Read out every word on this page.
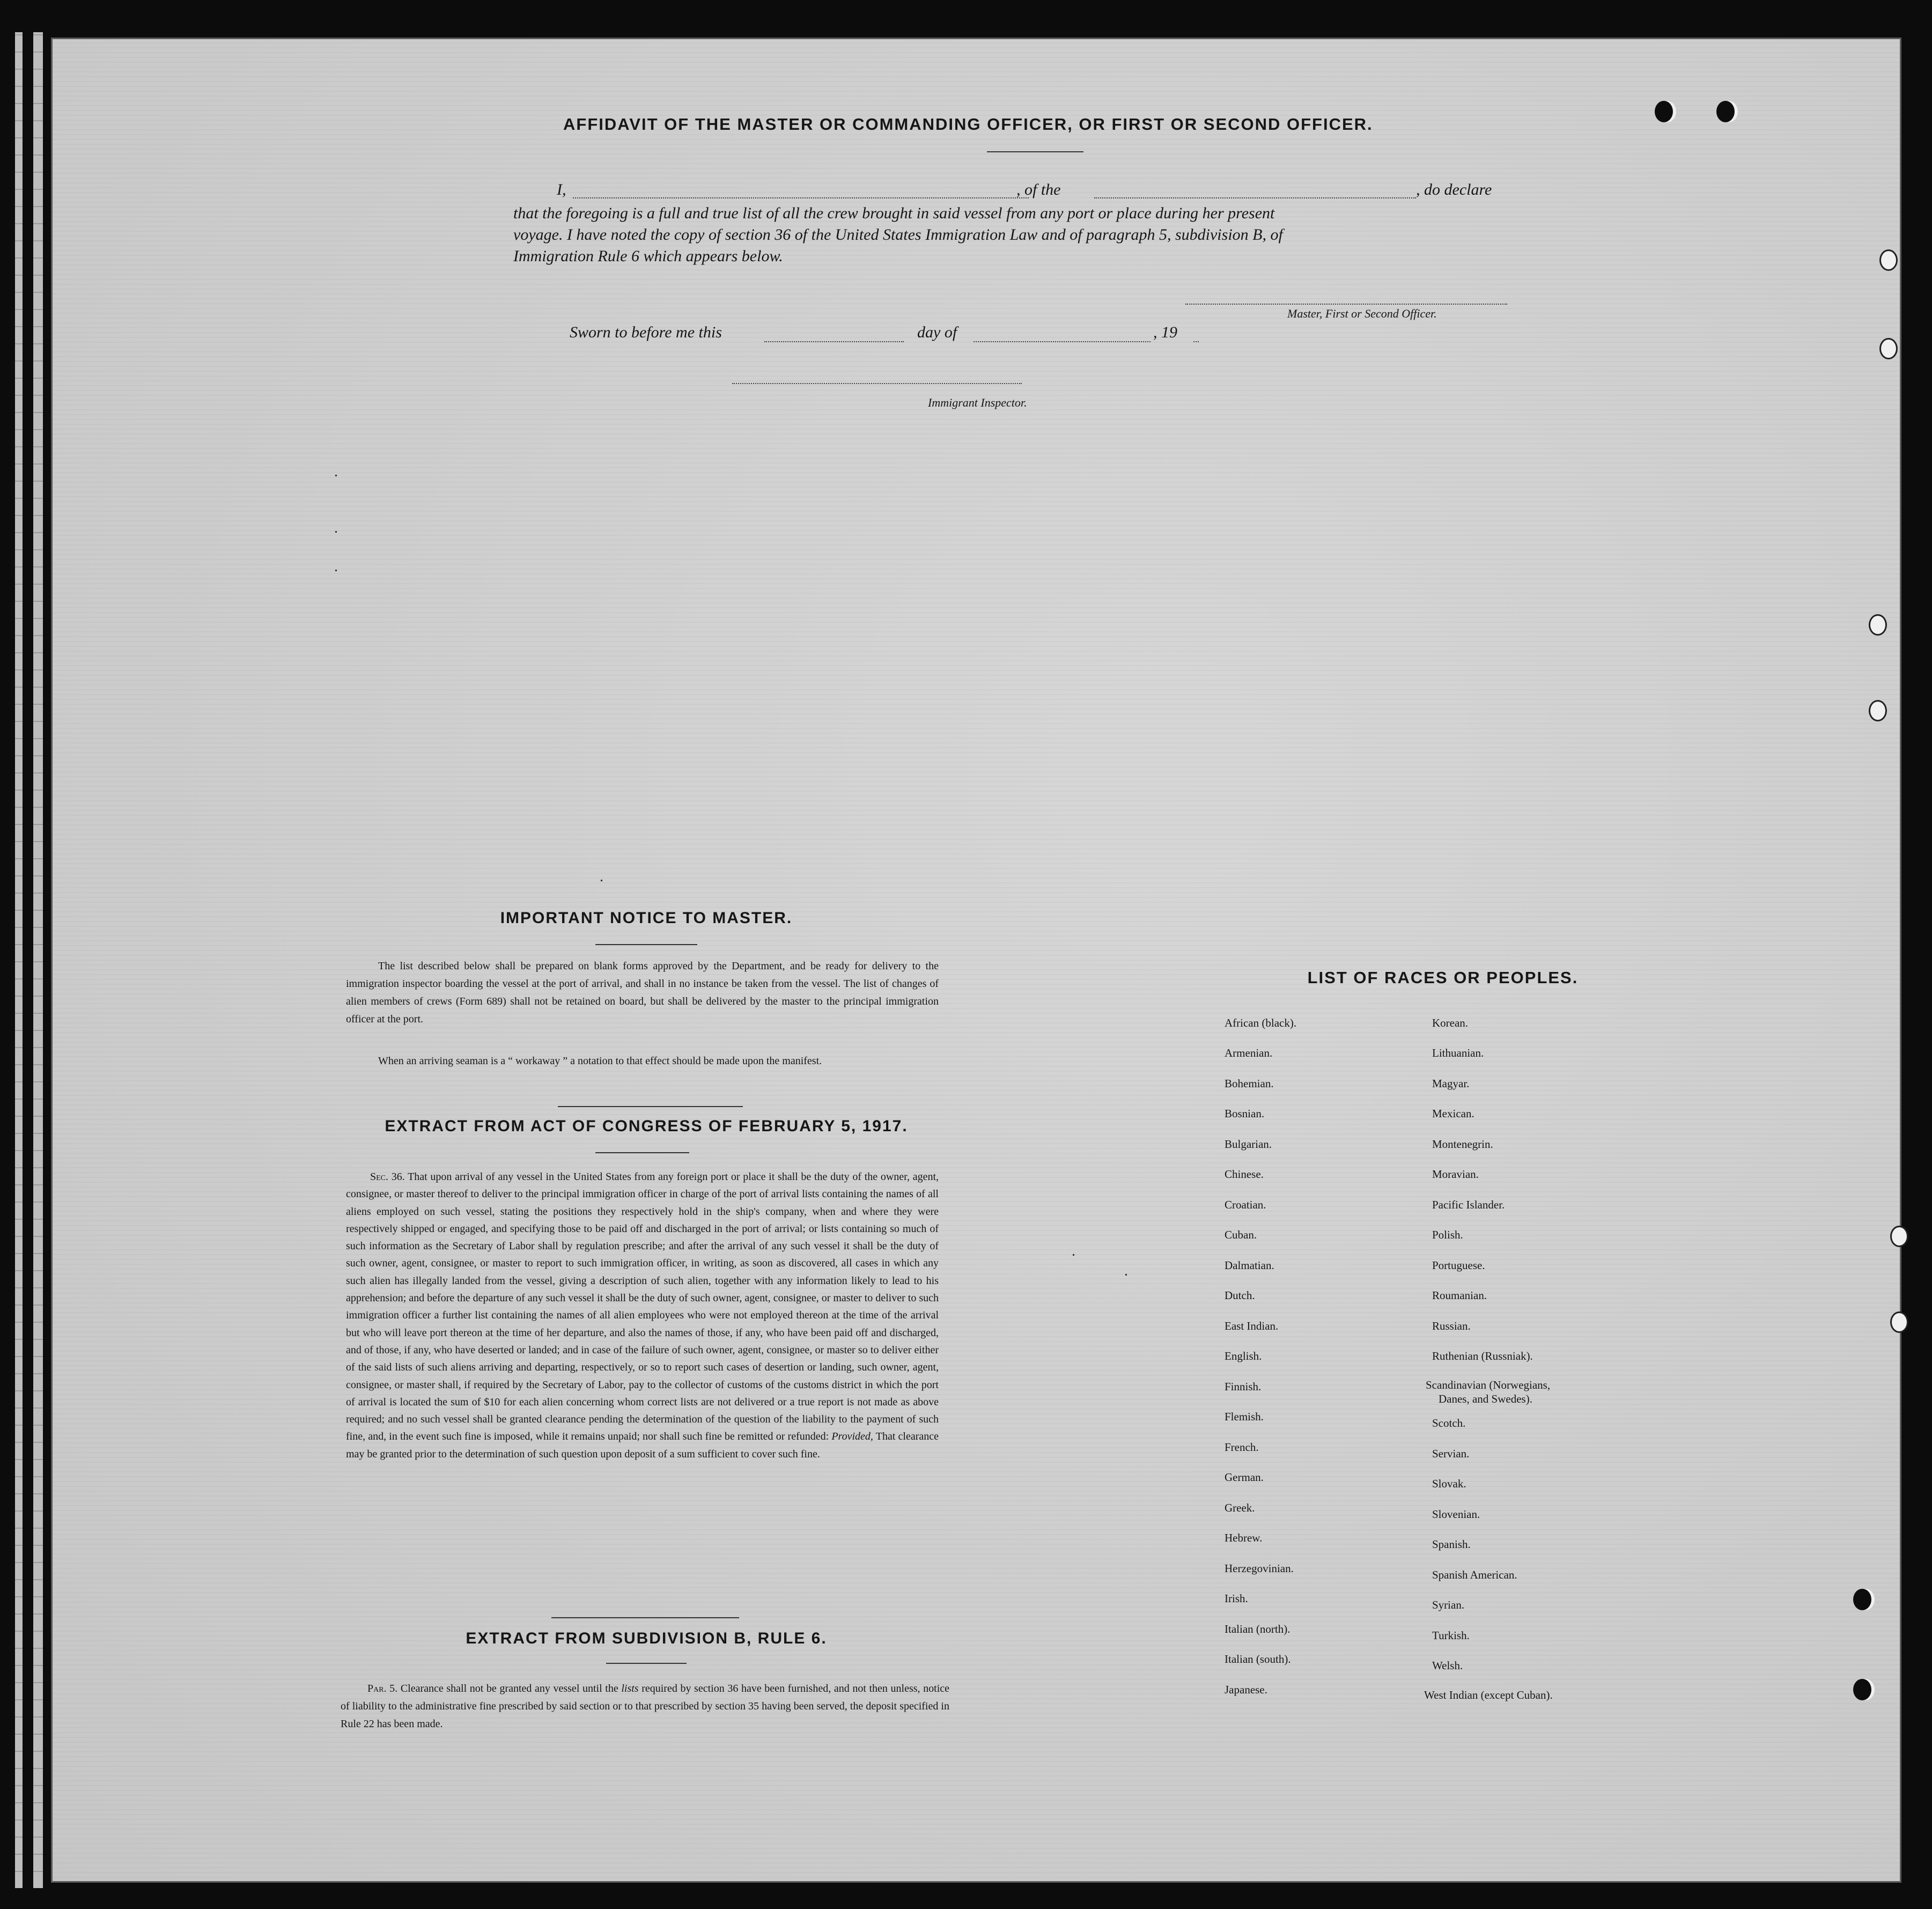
AFFIDAVIT OF THE MASTER OR COMMANDING OFFICER, OR FIRST OR SECOND OFFICER.
I,	, of the	, do declare
that the foregoing is a full and true list of all the crew brought in said vessel from any port or place during her present
voyage. I have noted the copy of section 36 of the United States Immigration Law and of paragraph 5, subdivision B, of
Immigration Rule 6 which appears below.
Master, First or Second Officer.
Sworn to before me this	day of	, 19
Immigrant Inspector.
IMPORTANT NOTICE TO MASTER.
The list described below shall be prepared on blank forms approved by the Department, and be ready for delivery to the immigration inspector boarding the vessel at the port of arrival, and shall in no instance be taken from the vessel. The list of changes of alien members of crews (Form 689) shall not be retained on board, but shall be delivered by the master to the principal immigration officer at the port.
When an arriving seaman is a “ workaway ” a notation to that effect should be made upon the manifest.
EXTRACT FROM ACT OF CONGRESS OF FEBRUARY 5, 1917.
Sec. 36. That upon arrival of any vessel in the United States from any foreign port or place it shall be the duty of the owner, agent, consignee, or master thereof to deliver to the principal immigration officer in charge of the port of arrival lists containing the names of all aliens employed on such vessel, stating the positions they respectively hold in the ship's company, when and where they were respectively shipped or engaged, and specifying those to be paid off and discharged in the port of arrival; or lists containing so much of such information as the Secretary of Labor shall by regulation prescribe; and after the arrival of any such vessel it shall be the duty of such owner, agent, consignee, or master to report to such immigration officer, in writing, as soon as discovered, all cases in which any such alien has illegally landed from the vessel, giving a description of such alien, together with any information likely to lead to his apprehension; and before the departure of any such vessel it shall be the duty of such owner, agent, consignee, or master to deliver to such immigration officer a further list containing the names of all alien employees who were not employed thereon at the time of the arrival but who will leave port thereon at the time of her departure, and also the names of those, if any, who have been paid off and discharged, and of those, if any, who have deserted or landed; and in case of the failure of such owner, agent, consignee, or master so to deliver either of the said lists of such aliens arriving and departing, respectively, or so to report such cases of desertion or landing, such owner, agent, consignee, or master shall, if required by the Secretary of Labor, pay to the collector of customs of the customs district in which the port of arrival is located the sum of $10 for each alien concerning whom correct lists are not delivered or a true report is not made as above required; and no such vessel shall be granted clearance pending the determination of the question of the liability to the payment of such fine, and, in the event such fine is imposed, while it remains unpaid; nor shall such fine be remitted or refunded: Provided, That clearance may be granted prior to the determination of such question upon deposit of a sum sufficient to cover such fine.
EXTRACT FROM SUBDIVISION B, RULE 6.
Par. 5. Clearance shall not be granted any vessel until the lists required by section 36 have been furnished, and not then unless, notice of liability to the administrative fine prescribed by said section or to that prescribed by section 35 having been served, the deposit specified in Rule 22 has been made.
LIST OF RACES OR PEOPLES.
African (black).
Armenian.
Bohemian.
Bosnian.
Bulgarian.
Chinese.
Croatian.
Cuban.
Dalmatian.
Dutch.
East Indian.
English.
Finnish.
Flemish.
French.
German.
Greek.
Hebrew.
Herzegovinian.
Irish.
Italian (north).
Italian (south).
Japanese.
Korean.
Lithuanian.
Magyar.
Mexican.
Montenegrin.
Moravian.
Pacific Islander.
Polish.
Portuguese.
Roumanian.
Russian.
Ruthenian (Russniak).
Scandinavian (Norwegians,
Danes, and Swedes).
Scotch.
Servian.
Slovak.
Slovenian.
Spanish.
Spanish American.
Syrian.
Turkish.
Welsh.
West Indian (except Cuban).
